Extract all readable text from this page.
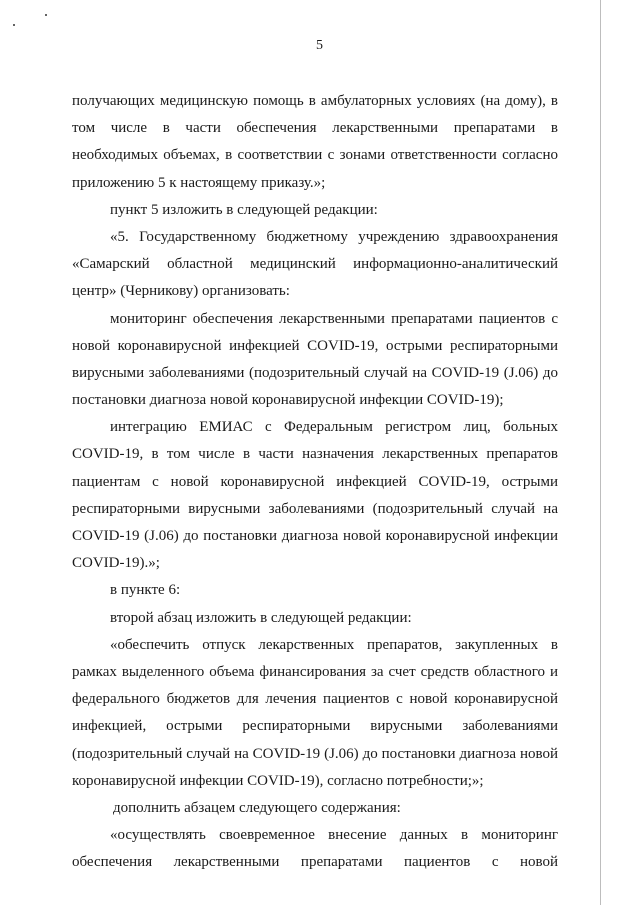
5
получающих медицинскую помощь в амбулаторных условиях (на дому), в
том числе в части обеспечения лекарственными препаратами в
необходимых объемах, в соответствии с зонами ответственности согласно
приложению 5 к настоящему приказу.»;
пункт 5 изложить в следующей редакции:
«5. Государственному бюджетному учреждению здравоохранения
«Самарский областной медицинский информационно-аналитический
центр» (Черникову) организовать:
мониторинг обеспечения лекарственными препаратами пациентов с
новой коронавирусной инфекцией COVID-19, острыми респираторными
вирусными заболеваниями (подозрительный случай на COVID-19 (J.06) до
постановки диагноза новой коронавирусной инфекции COVID-19);
интеграцию ЕМИАС с Федеральным регистром лиц, больных
COVID-19, в том числе в части назначения лекарственных препаратов
пациентам с новой коронавирусной инфекцией COVID-19, острыми
респираторными вирусными заболеваниями (подозрительный случай на
COVID-19 (J.06) до постановки диагноза новой коронавирусной инфекции
COVID-19).»;
в пункте 6:
второй абзац изложить в следующей редакции:
«обеспечить отпуск лекарственных препаратов, закупленных в
рамках выделенного объема финансирования за счет средств областного и
федерального бюджетов для лечения пациентов с новой коронавирусной
инфекцией, острыми респираторными вирусными заболеваниями
(подозрительный случай на COVID-19 (J.06) до постановки диагноза новой
коронавирусной инфекции COVID-19), согласно потребности;»;
дополнить абзацем следующего содержания:
«осуществлять своевременное внесение данных в мониторинг
обеспечения лекарственными препаратами пациентов с новой
